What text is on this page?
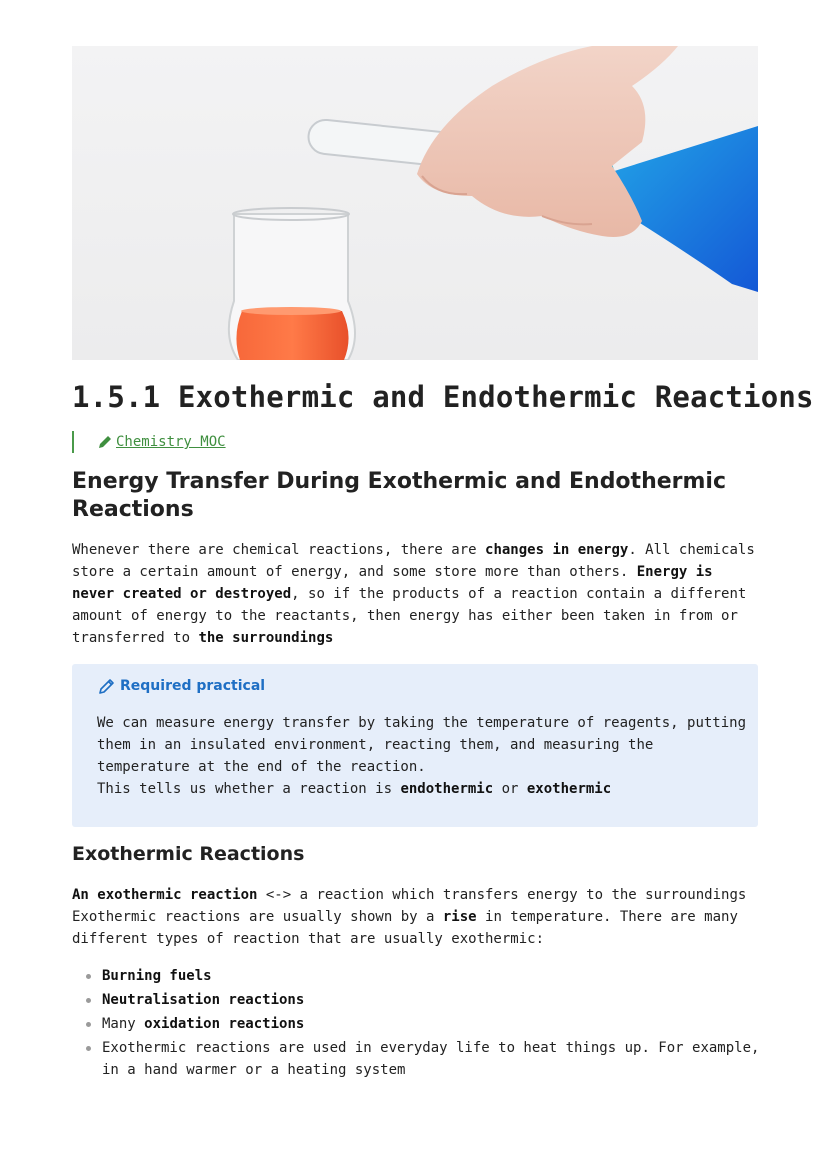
1.5.1 Exothermic and Endothermic Reactions
Chemistry MOC
Energy Transfer During Exothermic and Endothermic Reactions

Whenever there are chemical reactions, there are changes in energy. All chemicals store a certain amount of energy, and some store more than others. Energy is never created or destroyed, so if the products of a reaction contain a different amount of energy to the reactants, then energy has either been taken in from or transferred to the surroundings

Required practical

We can measure energy transfer by taking the temperature of reagents, putting them in an insulated environment, reacting them, and measuring the temperature at the end of the reaction.
This tells us whether a reaction is endothermic or exothermic

Exothermic Reactions

An exothermic reaction <-> a reaction which transfers energy to the surroundings
Exothermic reactions are usually shown by a rise in temperature. There are many different types of reaction that are usually exothermic:

Burning fuels
Neutralisation reactions
Many oxidation reactions
Exothermic reactions are used in everyday life to heat things up. For example, in a hand warmer or a heating system
